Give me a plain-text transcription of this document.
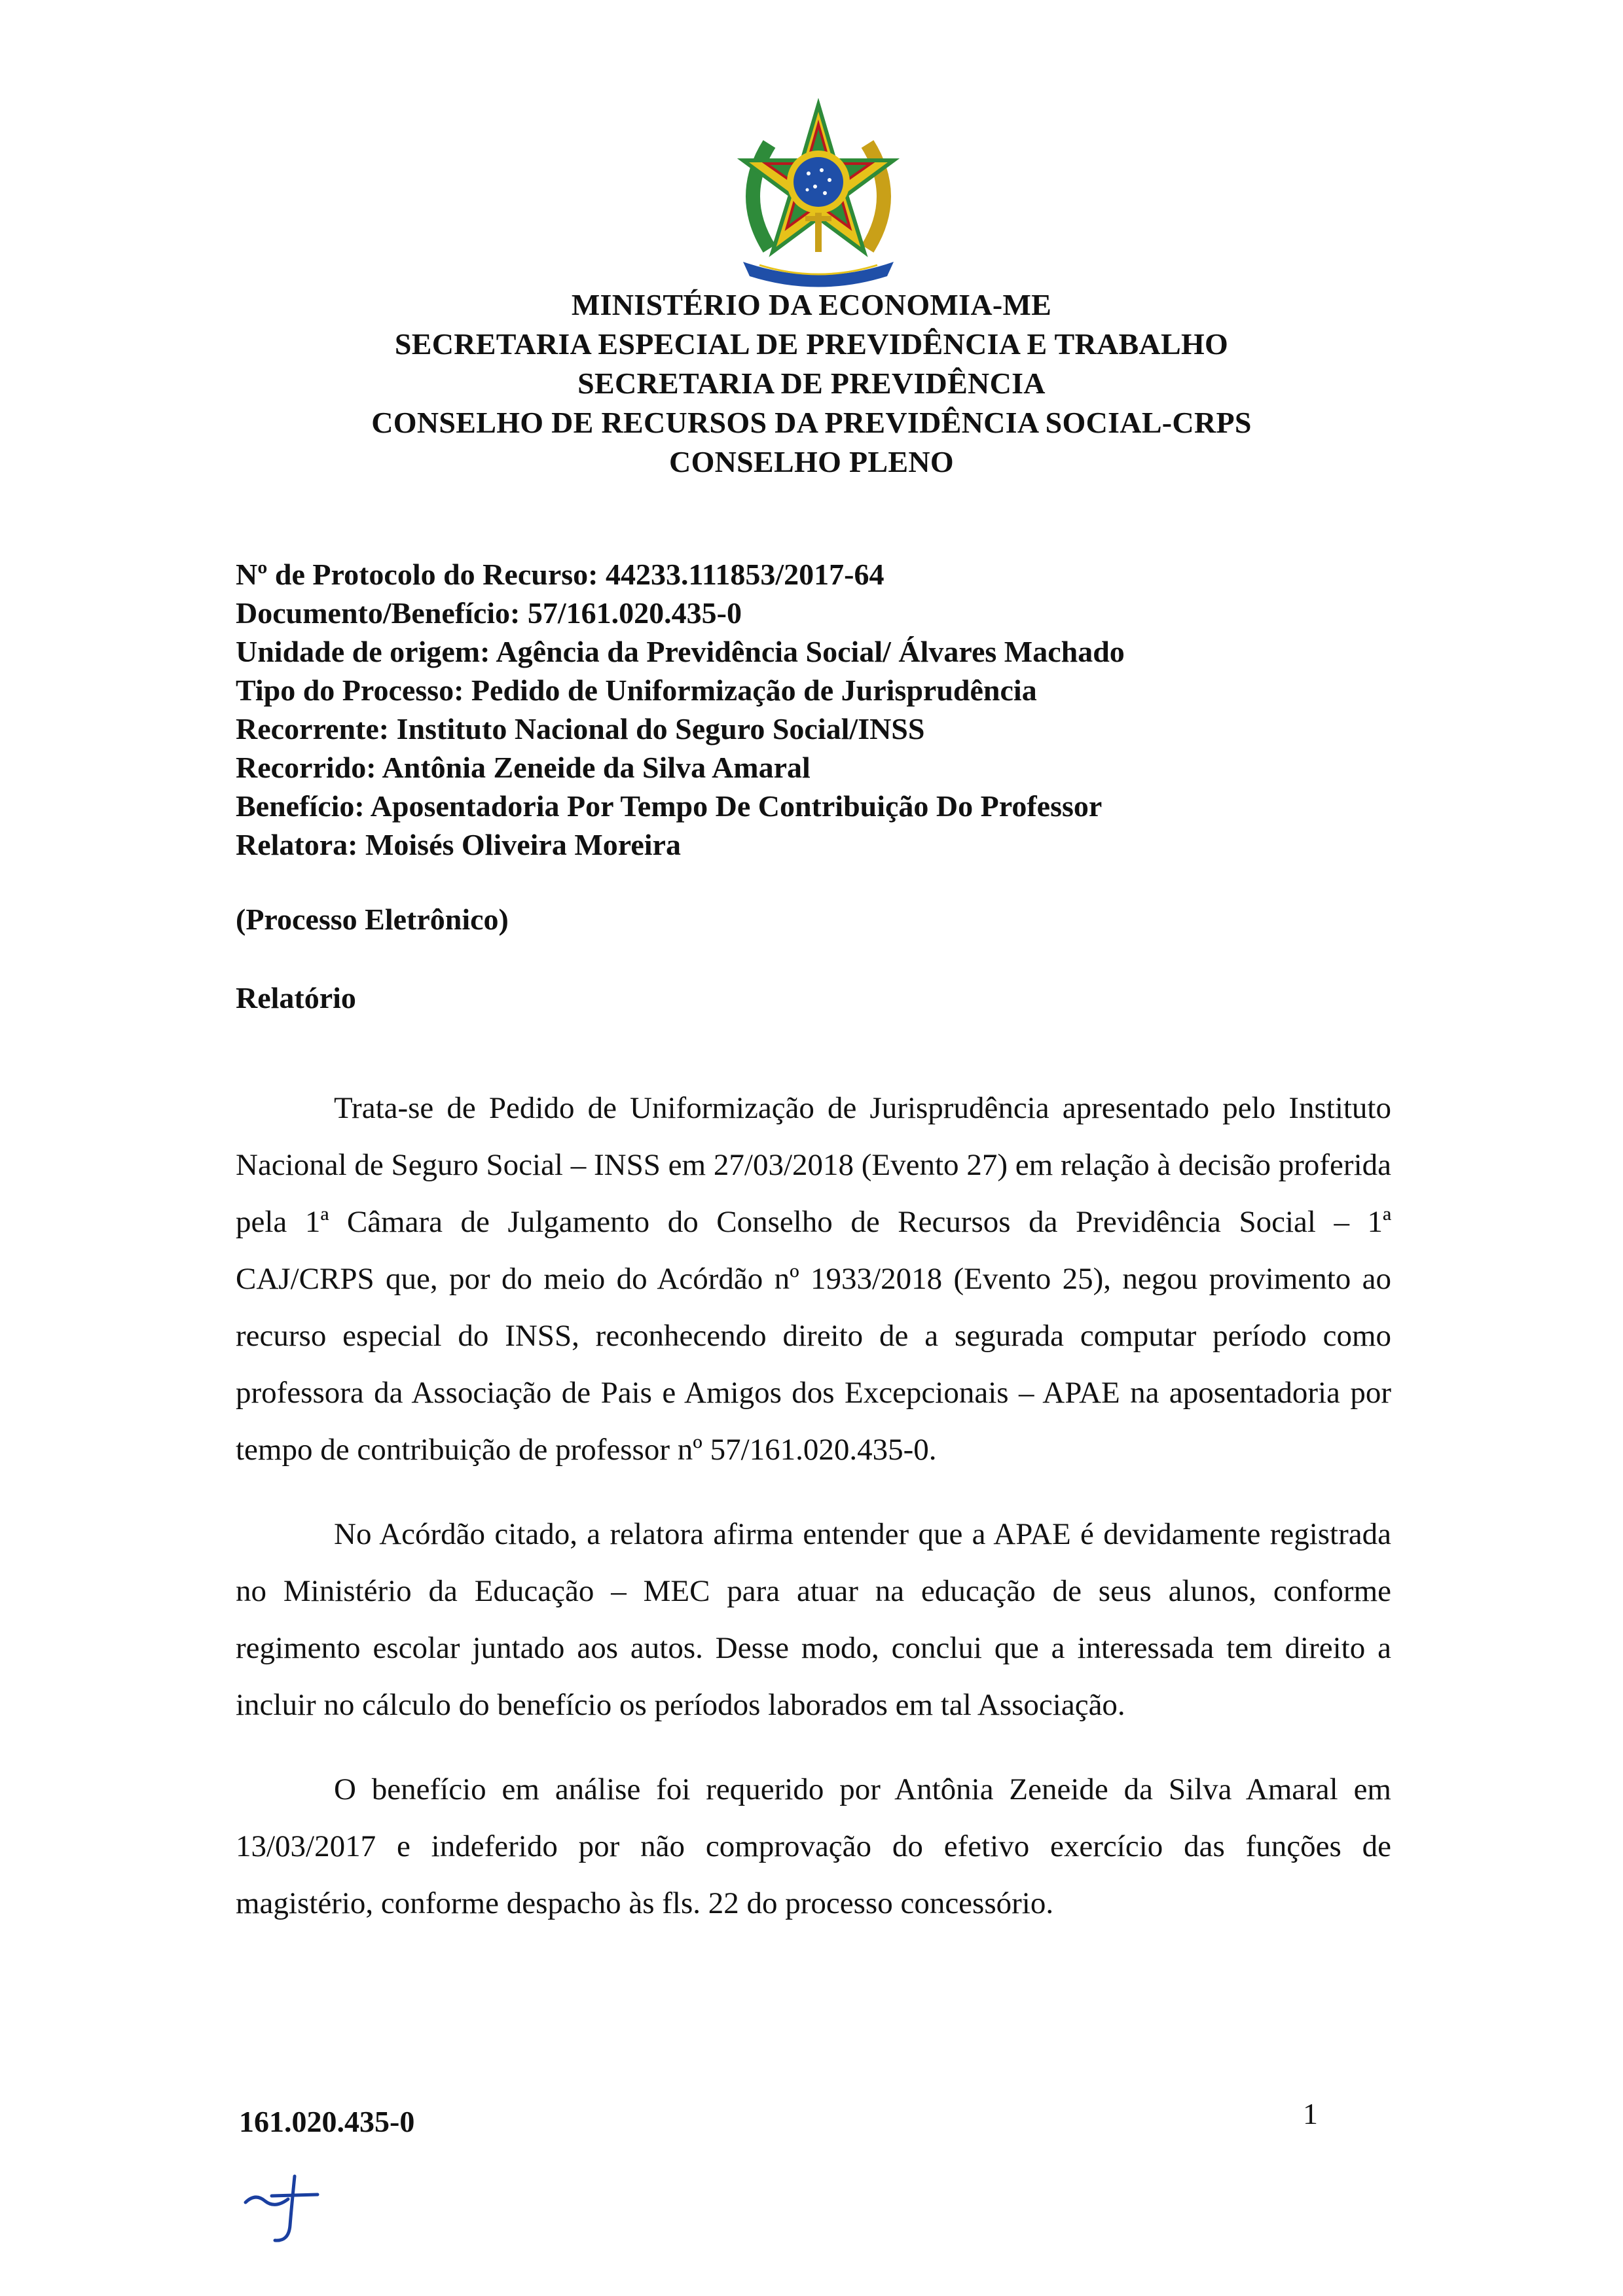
MINISTÉRIO DA ECONOMIA-ME
SECRETARIA ESPECIAL DE PREVIDÊNCIA E TRABALHO
SECRETARIA DE PREVIDÊNCIA
CONSELHO DE RECURSOS DA PREVIDÊNCIA SOCIAL-CRPS
CONSELHO PLENO
Nº de Protocolo do Recurso: 44233.111853/2017-64
Documento/Benefício: 57/161.020.435-0
Unidade de origem: Agência da Previdência Social/ Álvares Machado
Tipo do Processo: Pedido de Uniformização de Jurisprudência
Recorrente: Instituto Nacional do Seguro Social/INSS
Recorrido: Antônia Zeneide da Silva Amaral
Benefício: Aposentadoria Por Tempo De Contribuição Do Professor
Relatora: Moisés Oliveira Moreira
(Processo Eletrônico)
Relatório

Trata-se de Pedido de Uniformização de Jurisprudência apresentado pelo Instituto Nacional de Seguro Social – INSS em 27/03/2018 (Evento 27) em relação à decisão proferida pela 1ª Câmara de Julgamento do Conselho de Recursos da Previdência Social – 1ª CAJ/CRPS que, por do meio do Acórdão nº 1933/2018 (Evento 25), negou provimento ao recurso especial do INSS, reconhecendo direito de a segurada computar período como professora da Associação de Pais e Amigos dos Excepcionais – APAE na aposentadoria por tempo de contribuição de professor nº 57/161.020.435-0.

No Acórdão citado, a relatora afirma entender que a APAE é devidamente registrada no Ministério da Educação – MEC para atuar na educação de seus alunos, conforme regimento escolar juntado aos autos. Desse modo, conclui que a interessada tem direito a incluir no cálculo do benefício os períodos laborados em tal Associação.

O benefício em análise foi requerido por Antônia Zeneide da Silva Amaral em 13/03/2017 e indeferido por não comprovação do efetivo exercício das funções de magistério, conforme despacho às fls. 22 do processo concessório.

161.020.435-0	1
